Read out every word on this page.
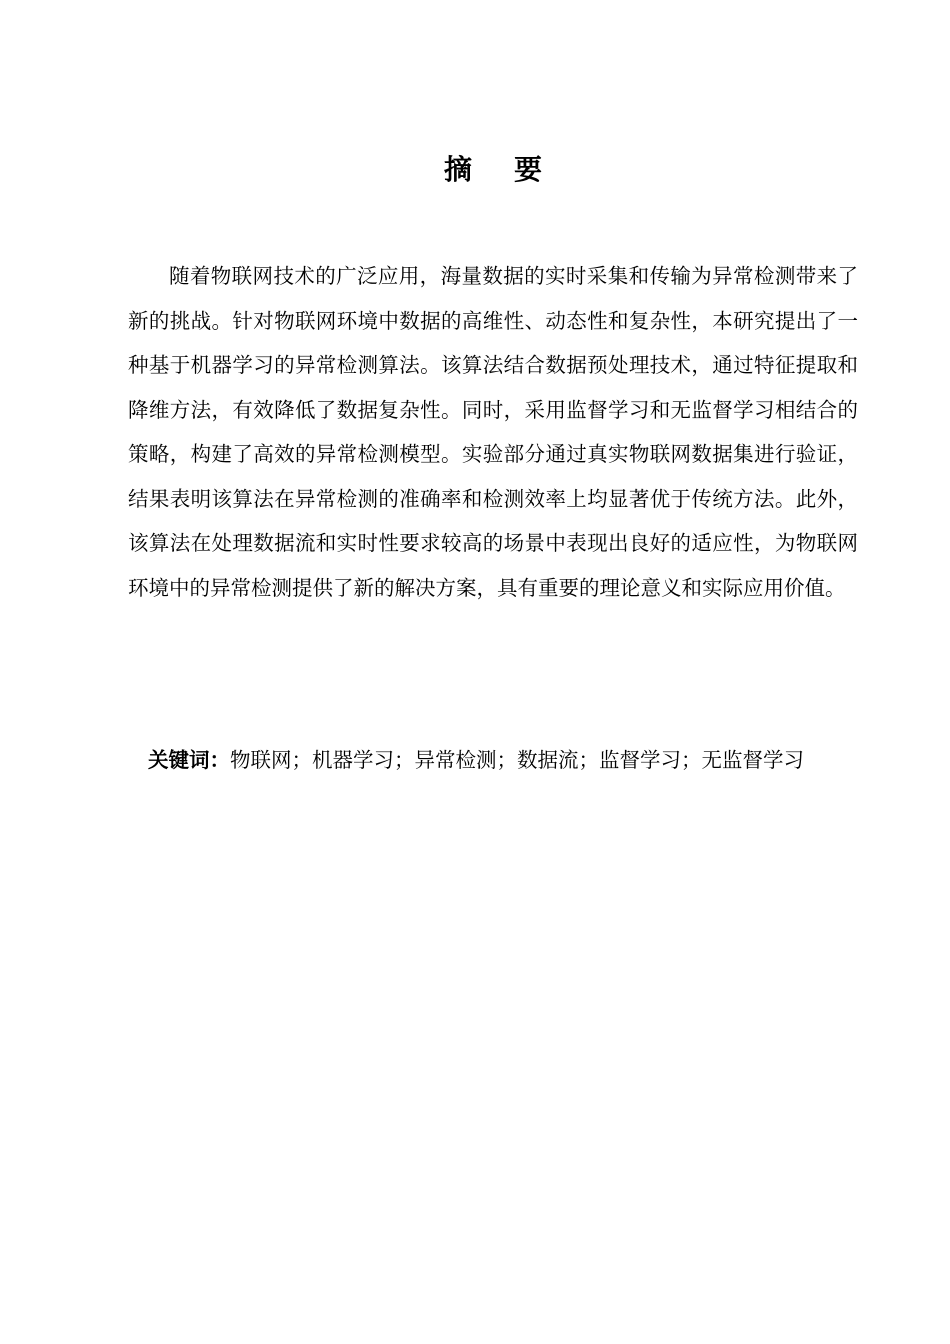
摘 要

随着物联网技术的广泛应用，海量数据的实时采集和传输为异常检测带来了新的挑战。针对物联网环境中数据的高维性、动态性和复杂性，本研究提出了一种基于机器学习的异常检测算法。该算法结合数据预处理技术，通过特征提取和降维方法，有效降低了数据复杂性。同时，采用监督学习和无监督学习相结合的策略，构建了高效的异常检测模型。实验部分通过真实物联网数据集进行验证，结果表明该算法在异常检测的准确率和检测效率上均显著优于传统方法。此外，该算法在处理数据流和实时性要求较高的场景中表现出良好的适应性，为物联网环境中的异常检测提供了新的解决方案，具有重要的理论意义和实际应用价值。

关键词：物联网；机器学习；异常检测；数据流；监督学习；无监督学习
